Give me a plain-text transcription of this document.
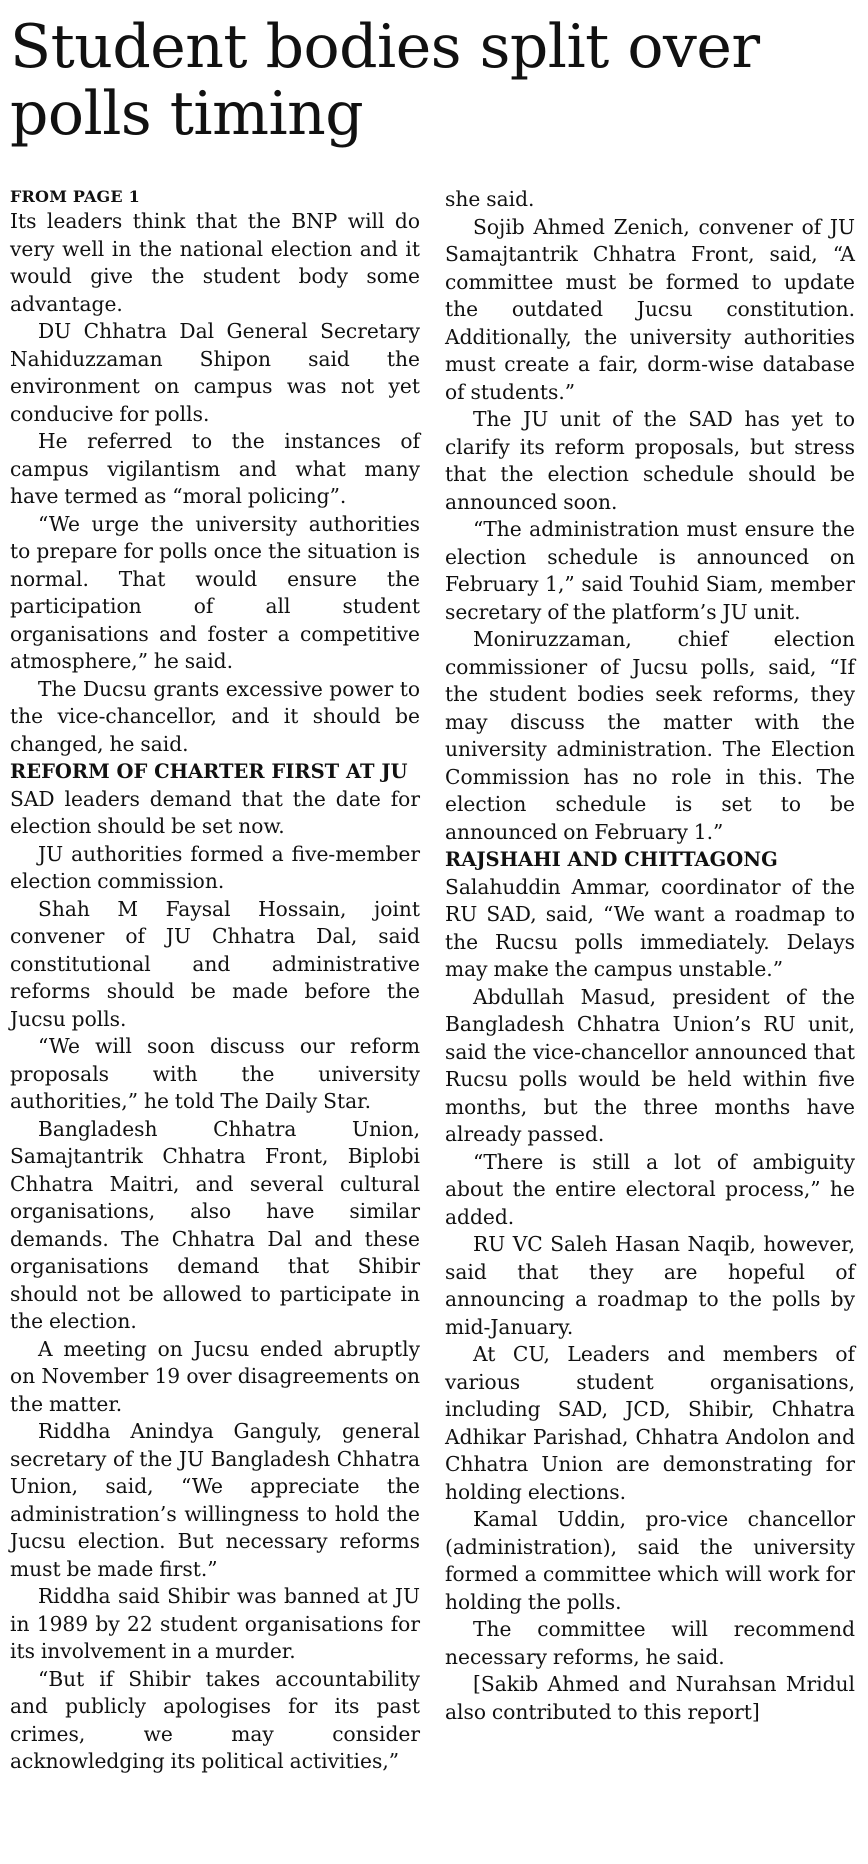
Student bodies split over polls timing
FROM PAGE 1

Its leaders think that the BNP will do very well in the national election and it would give the student body some advantage.

DU Chhatra Dal General Secretary Nahiduzzaman Shipon said the environment on campus was not yet conducive for polls.

He referred to the instances of campus vigilantism and what many have termed as “moral policing”.

“We urge the university authorities to prepare for polls once the situation is normal. That would ensure the participation of all student organisations and foster a competitive atmosphere,” he said.

The Ducsu grants excessive power to the vice-chancellor, and it should be changed, he said.

REFORM OF CHARTER FIRST AT JU

SAD leaders demand that the date for election should be set now.

JU authorities formed a five-member election commission.

Shah M Faysal Hossain, joint convener of JU Chhatra Dal, said constitutional and administrative reforms should be made before the Jucsu polls.

“We will soon discuss our reform proposals with the university authorities,” he told The Daily Star.

Bangladesh Chhatra Union, Samajtantrik Chhatra Front, Biplobi Chhatra Maitri, and several cultural organisations, also have similar demands. The Chhatra Dal and these organisations demand that Shibir should not be allowed to participate in the election.

A meeting on Jucsu ended abruptly on November 19 over disagreements on the matter.

Riddha Anindya Ganguly, general secretary of the JU Bangladesh Chhatra Union, said, “We appreciate the administration’s willingness to hold the Jucsu election. But necessary reforms must be made first.”

Riddha said Shibir was banned at JU in 1989 by 22 student organisations for its involvement in a murder.

“But if Shibir takes accountability and publicly apologises for its past crimes, we may consider acknowledging its political activities,”

she said.

Sojib Ahmed Zenich, convener of JU Samajtantrik Chhatra Front, said, “A committee must be formed to update the outdated Jucsu constitution. Additionally, the university authorities must create a fair, dorm-wise database of students.”

The JU unit of the SAD has yet to clarify its reform proposals, but stress that the election schedule should be announced soon.

“The administration must ensure the election schedule is announced on February 1,” said Touhid Siam, member secretary of the platform’s JU unit.

Moniruzzaman, chief election commissioner of Jucsu polls, said, “If the student bodies seek reforms, they may discuss the matter with the university administration. The Election Commission has no role in this. The election schedule is set to be announced on February 1.”

RAJSHAHI AND CHITTAGONG

Salahuddin Ammar, coordinator of the RU SAD, said, “We want a roadmap to the Rucsu polls immediately. Delays may make the campus unstable.”

Abdullah Masud, president of the Bangladesh Chhatra Union’s RU unit, said the vice-chancellor announced that Rucsu polls would be held within five months, but the three months have already passed.

“There is still a lot of ambiguity about the entire electoral process,” he added.

RU VC Saleh Hasan Naqib, however, said that they are hopeful of announcing a roadmap to the polls by mid-January.

At CU, Leaders and members of various student organisations, including SAD, JCD, Shibir, Chhatra Adhikar Parishad, Chhatra Andolon and Chhatra Union are demonstrating for holding elections.

Kamal Uddin, pro-vice chancellor (administration), said the university formed a committee which will work for holding the polls.

The committee will recommend necessary reforms, he said.

[Sakib Ahmed and Nurahsan Mridul also contributed to this report]
